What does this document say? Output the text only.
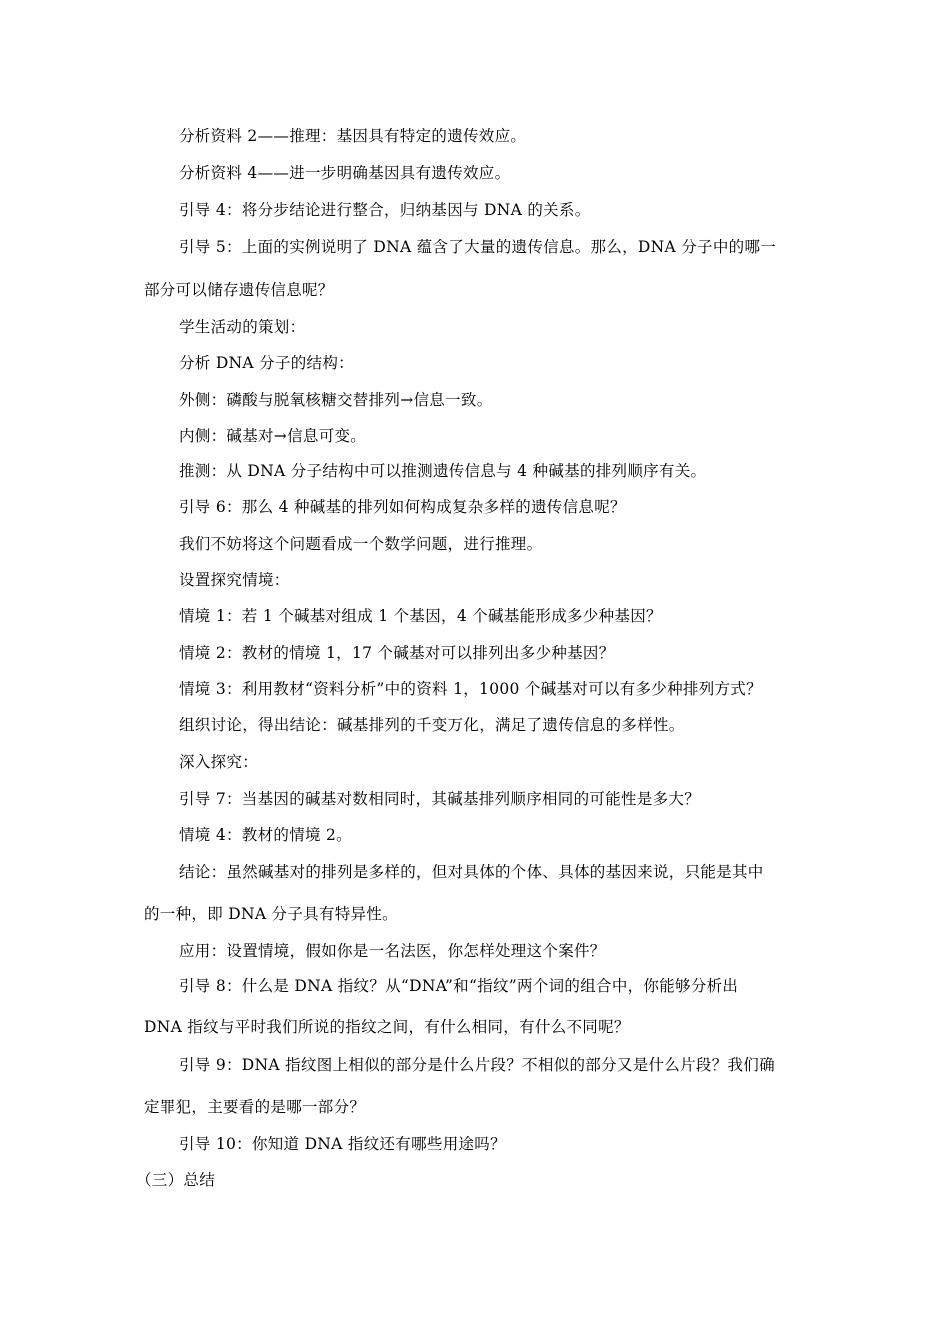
分析资料 2——推理：基因具有特定的遗传效应。
分析资料 4——进一步明确基因具有遗传效应。
引导 4：将分步结论进行整合，归纳基因与 DNA 的关系。
引导 5：上面的实例说明了 DNA 蕴含了大量的遗传信息。那么，DNA 分子中的哪一
部分可以储存遗传信息呢？
学生活动的策划：
分析 DNA 分子的结构：
外侧：磷酸与脱氧核糖交替排列→信息一致。
内侧：碱基对→信息可变。
推测：从 DNA 分子结构中可以推测遗传信息与 4 种碱基的排列顺序有关。
引导 6：那么 4 种碱基的排列如何构成复杂多样的遗传信息呢？
我们不妨将这个问题看成一个数学问题，进行推理。
设置探究情境：
情境 1：若 1 个碱基对组成 1 个基因，4 个碱基能形成多少种基因？
情境 2：教材的情境 1，17 个碱基对可以排列出多少种基因？
情境 3：利用教材“资料分析”中的资料 1，1000 个碱基对可以有多少种排列方式？
组织讨论，得出结论：碱基排列的千变万化，满足了遗传信息的多样性。
深入探究：
引导 7：当基因的碱基对数相同时，其碱基排列顺序相同的可能性是多大？
情境 4：教材的情境 2。
结论：虽然碱基对的排列是多样的，但对具体的个体、具体的基因来说，只能是其中
的一种，即 DNA 分子具有特异性。
应用：设置情境，假如你是一名法医，你怎样处理这个案件？
引导 8：什么是 DNA 指纹？从“DNA”和“指纹”两个词的组合中，你能够分析出
DNA 指纹与平时我们所说的指纹之间，有什么相同，有什么不同呢？
引导 9：DNA 指纹图上相似的部分是什么片段？不相似的部分又是什么片段？我们确
定罪犯，主要看的是哪一部分？
引导 10：你知道 DNA 指纹还有哪些用途吗？
（三）总结
